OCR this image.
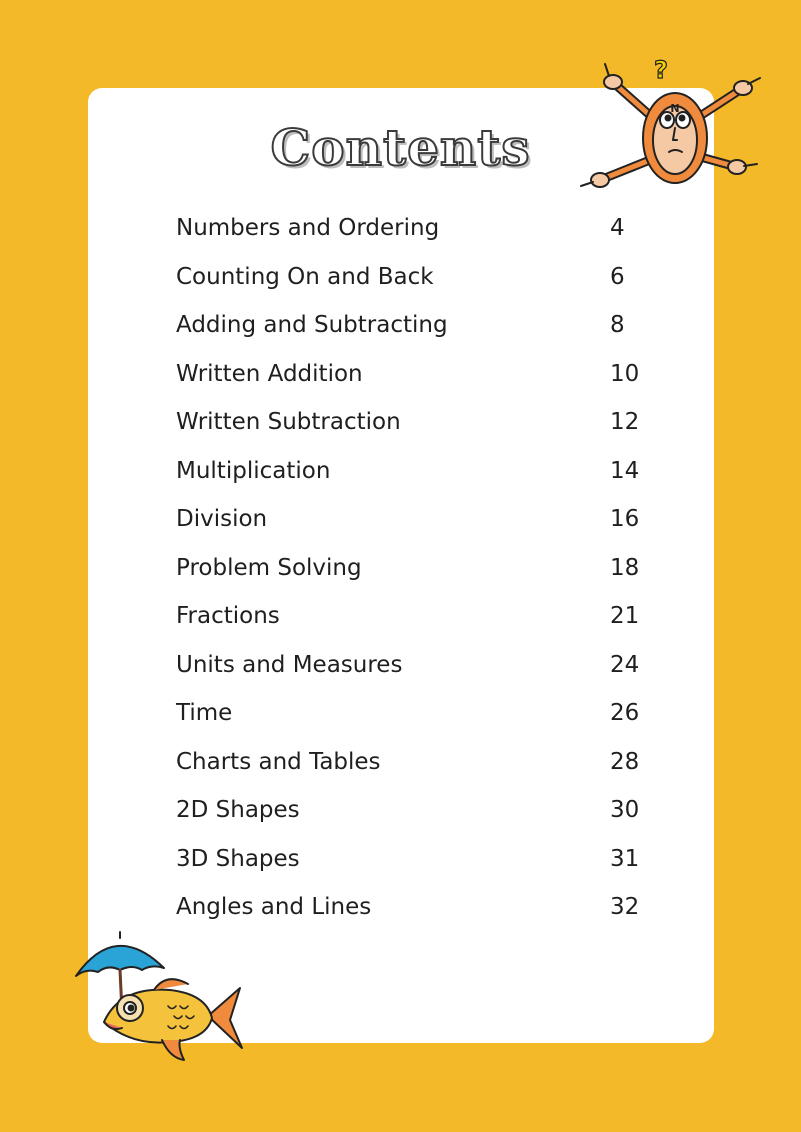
Contents
Numbers and Ordering	4
Counting On and Back	6
Adding and Subtracting	8
Written Addition	10
Written Subtraction	12
Multiplication	14
Division	16
Problem Solving	18
Fractions	21
Units and Measures	24
Time	26
Charts and Tables	28
2D Shapes	30
3D Shapes	31
Angles and Lines	32
N
?
